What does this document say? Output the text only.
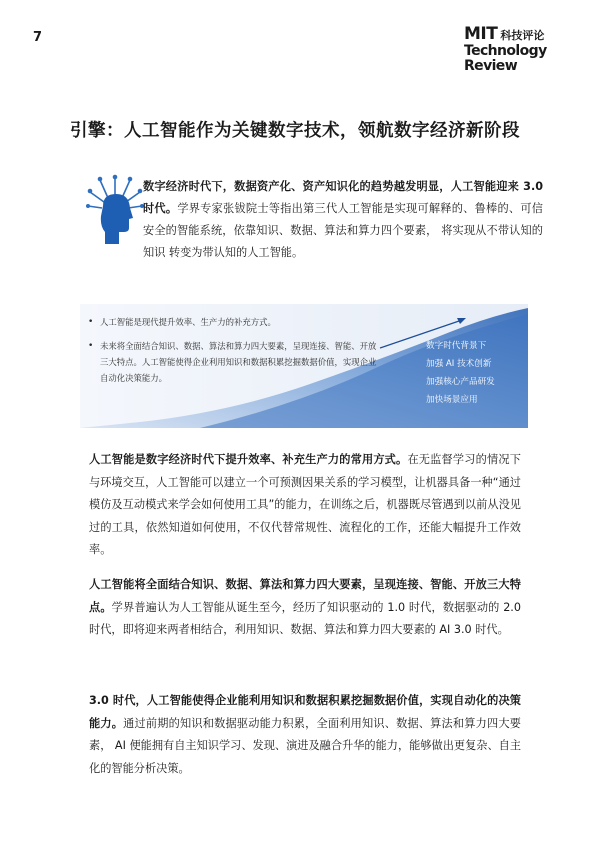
7	MIT 科技评论
Technology
Review
引擎：人工智能作为关键数字技术，领航数字经济新阶段
数字经济时代下，数据资产化、资产知识化的趋势越发明显，人工智能迎来 3.0 时代。学界专家张钹院士等指出第三代人工智能是实现可解释的、鲁棒的、可信安全的智能系统，依靠知识、数据、算法和算力四个要素， 将实现从不带认知的 知识 转变为带认知的人工智能。
• 人工智能是现代提升效率、生产力的补充方式。
• 未来将全面结合知识、数据、算法和算力四大要素，呈现连接、智能、开放三大特点。人工智能使得企业利用知识和数据积累挖掘数据价值，实现企业自动化决策能力。
数字时代背景下
加强 AI 技术创新
加强核心产品研发
加快场景应用
人工智能是数字经济时代下提升效率、补充生产力的常用方式。在无监督学习的情况下与环境交互，人工智能可以建立一个可预测因果关系的学习模型，让机器具备一种“通过模仿及互动模式来学会如何使用工具”的能力，在训练之后，机器既尽管遇到以前从没见过的工具，依然知道如何使用，不仅代替常规性、流程化的工作，还能大幅提升工作效率。
人工智能将全面结合知识、数据、算法和算力四大要素，呈现连接、智能、开放三大特点。学界普遍认为人工智能从诞生至今，经历了知识驱动的 1.0 时代，数据驱动的 2.0 时代，即将迎来两者相结合，利用知识、数据、算法和算力四大要素的 AI 3.0 时代。
3.0 时代，人工智能使得企业能利用知识和数据积累挖掘数据价值，实现自动化的决策能力。通过前期的知识和数据驱动能力积累，全面利用知识、数据、算法和算力四大要素， AI 便能拥有自主知识学习、发现、演进及融合升华的能力，能够做出更复杂、自主化的智能分析决策。
